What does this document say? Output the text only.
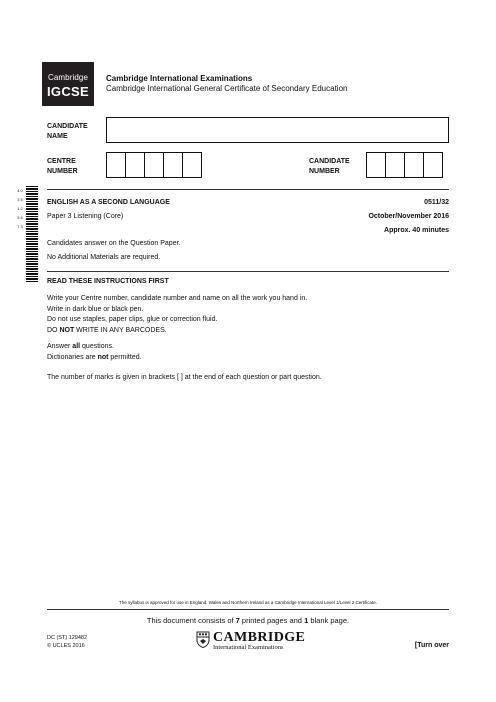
Cambridge
IGCSE
Cambridge International Examinations
Cambridge International General Certificate of Secondary Education
CANDIDATE
NAME
CENTRE
NUMBER
CANDIDATE
NUMBER
4 0 3 5 1 2 5 6 7 3
ENGLISH AS A SECOND LANGUAGE	0511/32
Paper 3 Listening (Core)	October/November 2016
Approx. 40 minutes
Candidates answer on the Question Paper.
No Additional Materials are required.
READ THESE INSTRUCTIONS FIRST
Write your Centre number, candidate number and name on all the work you hand in.
Write in dark blue or black pen.
Do not use staples, paper clips, glue or correction fluid.
DO NOT WRITE IN ANY BARCODES.
Answer all questions.
Dictionaries are not permitted.
The number of marks is given in brackets [ ] at the end of each question or part question.
The syllabus is approved for use in England, Wales and Northern Ireland as a Cambridge International Level 1/Level 2 Certificate.
This document consists of 7 printed pages and 1 blank page.
DC (ST) 129482
© UCLES 2016
CAMBRIDGE
International Examinations	[Turn over
